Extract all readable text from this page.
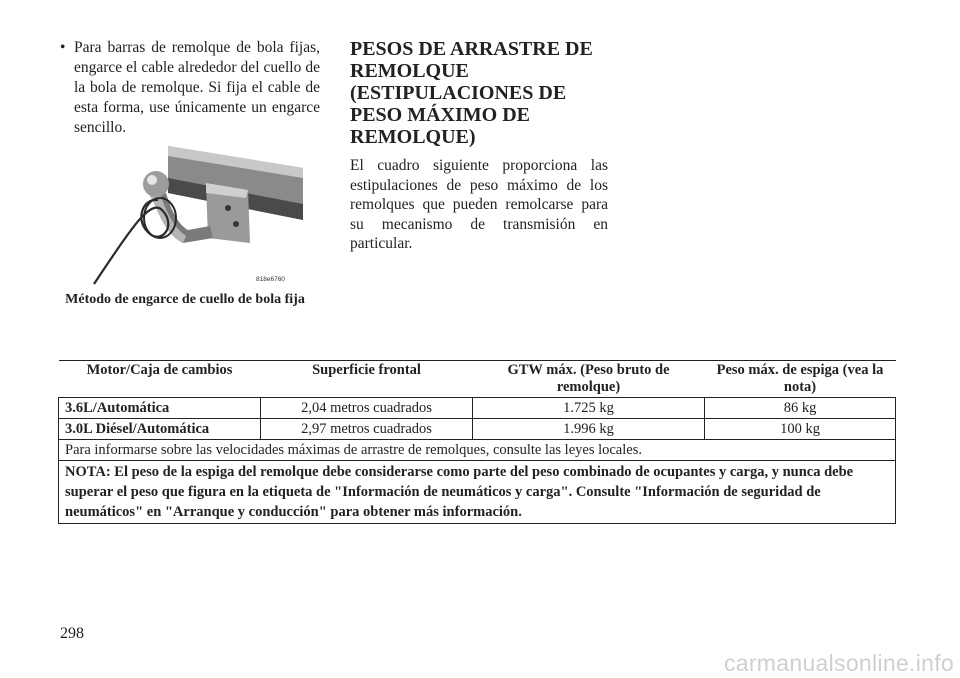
• Para barras de remolque de bola fijas, engarce el cable alrededor del cuello de la bola de remolque. Si fija el cable de esta forma, use únicamente un engarce sencillo.

818e6760
Método de engarce de cuello de bola fija
PESOS DE ARRASTRE DE
REMOLQUE
(ESTIPULACIONES DE
PESO MÁXIMO DE
REMOLQUE)

El cuadro siguiente proporciona las estipulaciones de peso máximo de los remolques que pueden remolcarse para su mecanismo de transmisión en particular.

Motor/Caja de cambios	Superficie frontal	GTW máx. (Peso bruto de remolque)	Peso máx. de espiga (vea la nota)
3.6L/Automática	2,04 metros cuadrados	1.725 kg	86 kg
3.0L Diésel/Automática	2,97 metros cuadrados	1.996 kg	100 kg
Para informarse sobre las velocidades máximas de arrastre de remolques, consulte las leyes locales.			
NOTA: El peso de la espiga del remolque debe considerarse como parte del peso combinado de ocupantes y carga, y nunca debe superar el peso que figura en la etiqueta de "Información de neumáticos y carga". Consulte "Información de seguridad de neumáticos" en "Arranque y conducción" para obtener más información.			
298
carmanualsonline.info
